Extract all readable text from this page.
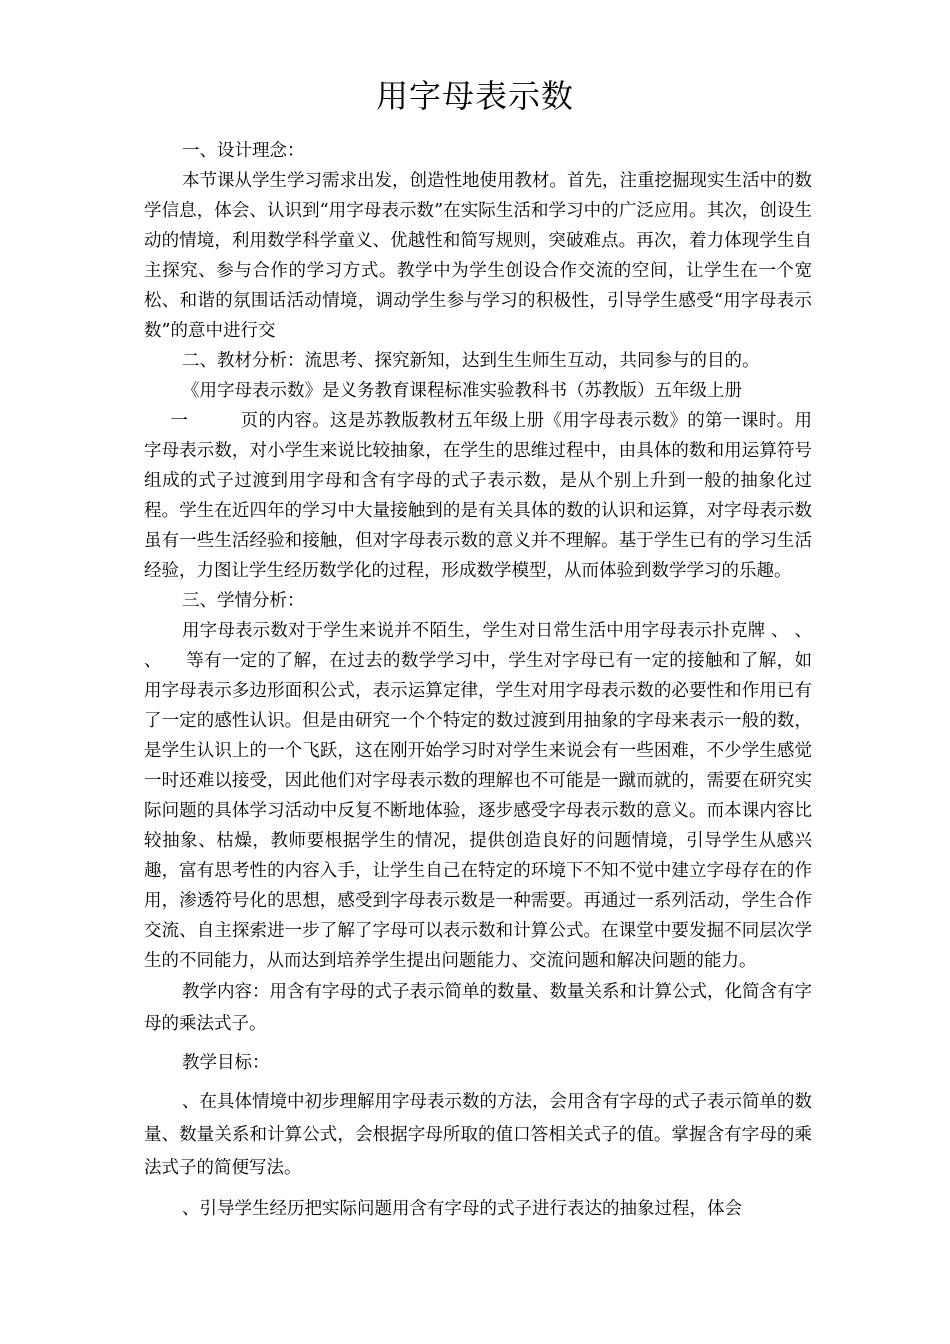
用字母表示数

一、设计理念：

本节课从学生学习需求出发，创造性地使用教材。首先，注重挖掘现实生活中的数学信息，体会、认识到“用字母表示数”在实际生活和学习中的广泛应用。其次，创设生动的情境，利用数学科学童义、优越性和简写规则，突破难点。再次，着力体现学生自主探究、参与合作的学习方式。教学中为学生创设合作交流的空间，让学生在一个宽松、和谐的氛围话活动情境，调动学生参与学习的积极性，引导学生感受“用字母表示数”的意中进行交

二、教材分析：流思考、探究新知，达到生生师生互动，共同参与的目的。

《用字母表示数》是义务教育课程标准实验教科书（苏教版）五年级上册
一	页的内容。这是苏教版教材五年级上册《用字母表示数》的第一课时。用字母表示数，对小学生来说比较抽象，在学生的思维过程中，由具体的数和用运算符号组成的式子过渡到用字母和含有字母的式子表示数，是从个别上升到一般的抽象化过程。学生在近四年的学习中大量接触到的是有关具体的数的认识和运算，对字母表示数虽有一些生活经验和接触，但对字母表示数的意义并不理解。基于学生已有的学习生活经验，力图让学生经历数学化的过程，形成数学模型，从而体验到数学学习的乐趣。

三、学情分析：

用字母表示数对于学生来说并不陌生，学生对日常生活中用字母表示扑克牌 、 、 、 等有一定的了解，在过去的数学学习中，学生对字母已有一定的接触和了解，如用字母表示多边形面积公式，表示运算定律，学生对用字母表示数的必要性和作用已有了一定的感性认识。但是由研究一个个特定的数过渡到用抽象的字母来表示一般的数，是学生认识上的一个飞跃，这在刚开始学习时对学生来说会有一些困难，不少学生感觉一时还难以接受，因此他们对字母表示数的理解也不可能是一蹴而就的，需要在研究实际问题的具体学习活动中反复不断地体验，逐步感受字母表示数的意义。而本课内容比较抽象、枯燥，教师要根据学生的情况，提供创造良好的问题情境，引导学生从感兴趣，富有思考性的内容入手，让学生自己在特定的环境下不知不觉中建立字母存在的作用，渗透符号化的思想，感受到字母表示数是一种需要。再通过一系列活动，学生合作交流、自主探索进一步了解了字母可以表示数和计算公式。在课堂中要发掘不同层次学生的不同能力，从而达到培养学生提出问题能力、交流问题和解决问题的能力。

教学内容：用含有字母的式子表示简单的数量、数量关系和计算公式，化简含有字母的乘法式子。

教学目标：

、在具体情境中初步理解用字母表示数的方法，会用含有字母的式子表示简单的数量、数量关系和计算公式，会根据字母所取的值口答相关式子的值。掌握含有字母的乘法式子的简便写法。

、引导学生经历把实际问题用含有字母的式子进行表达的抽象过程，体会
